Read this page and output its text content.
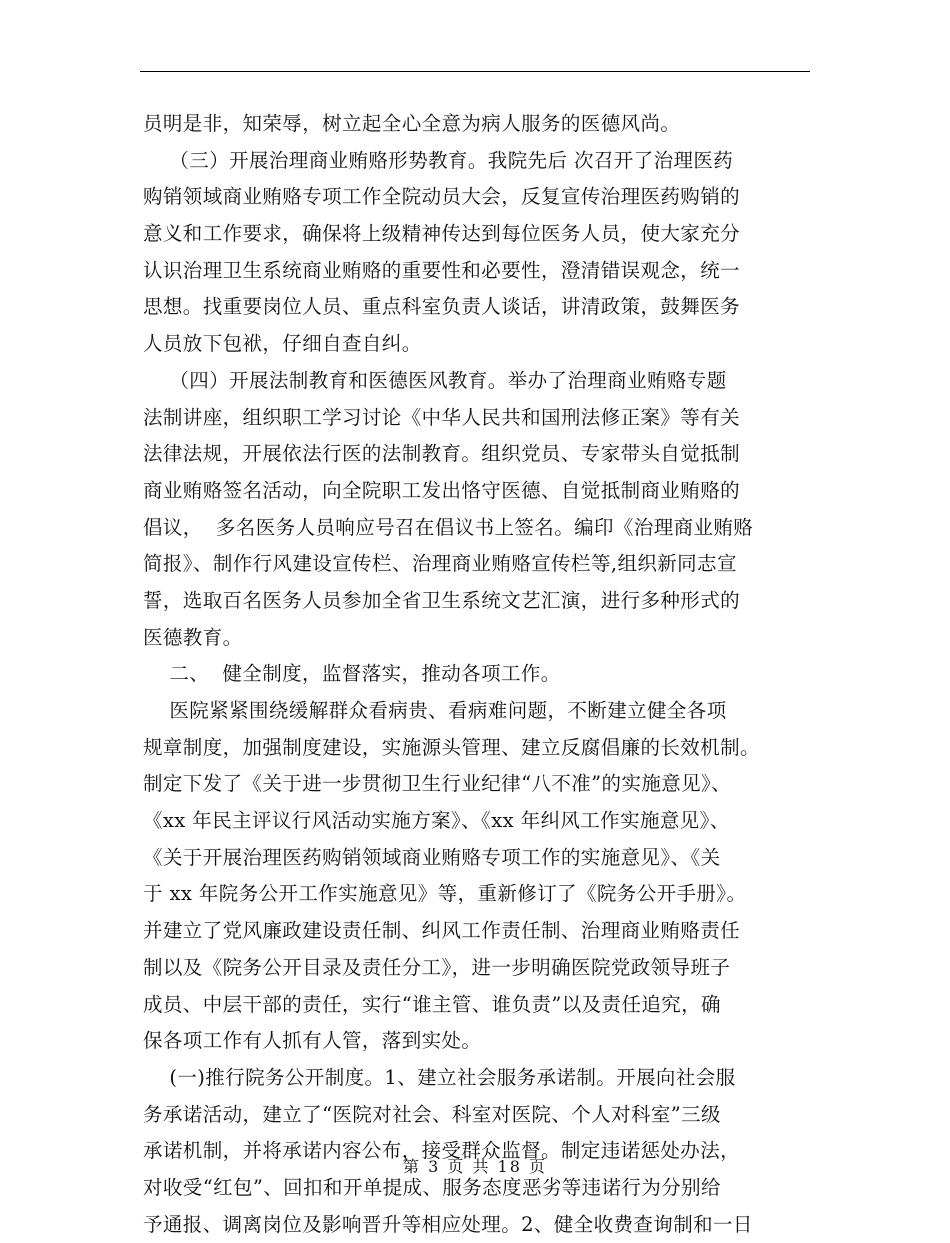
员明是非，知荣辱，树立起全心全意为病人服务的医德风尚。
（三）开展治理商业贿赂形势教育。我院先后 次召开了治理医药
购销领域商业贿赂专项工作全院动员大会，反复宣传治理医药购销的
意义和工作要求，确保将上级精神传达到每位医务人员，使大家充分
认识治理卫生系统商业贿赂的重要性和必要性，澄清错误观念，统一
思想。找重要岗位人员、重点科室负责人谈话，讲清政策，鼓舞医务
人员放下包袱，仔细自查自纠。
（四）开展法制教育和医德医风教育。举办了治理商业贿赂专题
法制讲座，组织职工学习讨论《中华人民共和国刑法修正案》等有关
法律法规，开展依法行医的法制教育。组织党员、专家带头自觉抵制
商业贿赂签名活动，向全院职工发出恪守医德、自觉抵制商业贿赂的
倡议，  多名医务人员响应号召在倡议书上签名。编印《治理商业贿赂
简报》、制作行风建设宣传栏、治理商业贿赂宣传栏等,组织新同志宣
誓，选取百名医务人员参加全省卫生系统文艺汇演，进行多种形式的
医德教育。
二、  健全制度，监督落实，推动各项工作。
医院紧紧围绕缓解群众看病贵、看病难问题，不断建立健全各项
规章制度，加强制度建设，实施源头管理、建立反腐倡廉的长效机制。
制定下发了《关于进一步贯彻卫生行业纪律“八不准”的实施意见》、
《xx 年民主评议行风活动实施方案》、《xx 年纠风工作实施意见》、
《关于开展治理医药购销领域商业贿赂专项工作的实施意见》、《关
于 xx 年院务公开工作实施意见》等，重新修订了《院务公开手册》。
并建立了党风廉政建设责任制、纠风工作责任制、治理商业贿赂责任
制以及《院务公开目录及责任分工》，进一步明确医院党政领导班子
成员、中层干部的责任，实行“谁主管、谁负责”以及责任追究，确
保各项工作有人抓有人管，落到实处。
(一)推行院务公开制度。1、建立社会服务承诺制。开展向社会服
务承诺活动，建立了“医院对社会、科室对医院、个人对科室”三级
承诺机制，并将承诺内容公布，接受群众监督。制定违诺惩处办法，
对收受“红包”、回扣和开单提成、服务态度恶劣等违诺行为分别给
予通报、调离岗位及影响晋升等相应处理。2、健全收费查询制和一日
第 3 页 共 18 页
